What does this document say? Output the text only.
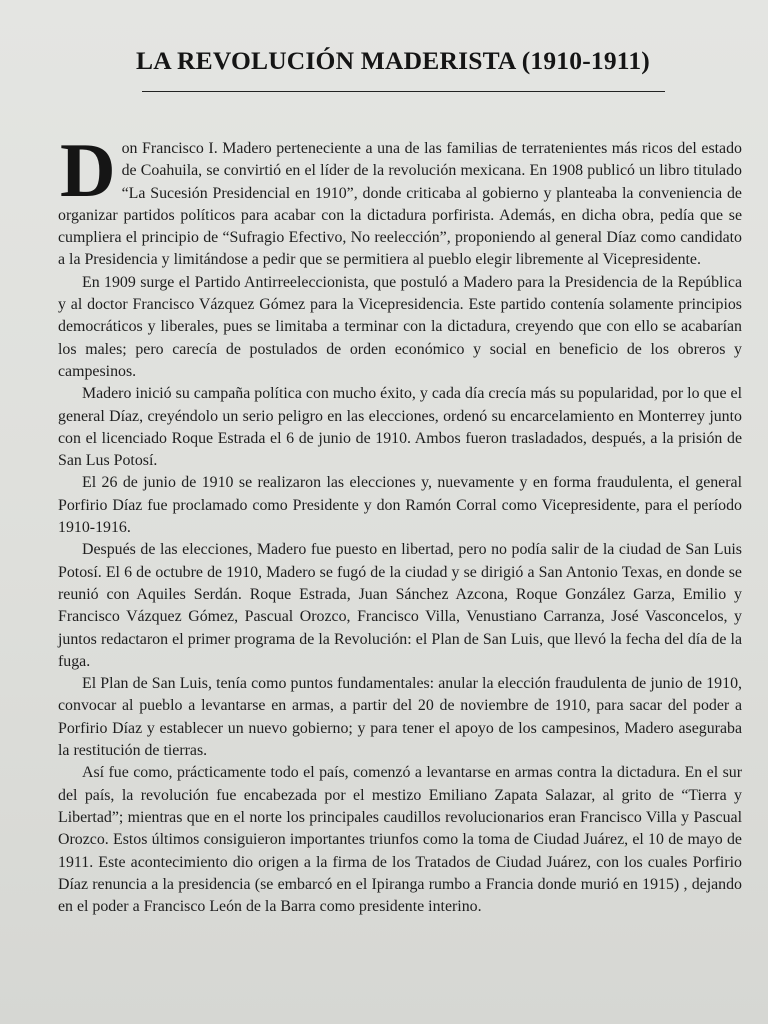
LA REVOLUCIÓN MADERISTA (1910-1911)

Don Francisco I. Madero perteneciente a una de las familias de terratenientes más ricos del estado de Coahuila, se convirtió en el líder de la revolución mexicana. En 1908 publicó un libro titulado “La Sucesión Presidencial en 1910”, donde criticaba al gobierno y planteaba la conveniencia de organizar partidos políticos para acabar con la dictadura porfirista. Además, en dicha obra, pedía que se cumpliera el principio de “Sufragio Efectivo, No reelección”, proponiendo al general Díaz como candidato a la Presidencia y limitándose a pedir que se permitiera al pueblo elegir libremente al Vicepresidente.

En 1909 surge el Partido Antirreeleccionista, que postuló a Madero para la Presidencia de la República y al doctor Francisco Vázquez Gómez para la Vicepresidencia. Este partido contenía solamente principios democráticos y liberales, pues se limitaba a terminar con la dictadura, creyendo que con ello se acabarían los males; pero carecía de postulados de orden económico y social en beneficio de los obreros y campesinos.

Madero inició su campaña política con mucho éxito, y cada día crecía más su popularidad, por lo que el general Díaz, creyéndolo un serio peligro en las elecciones, ordenó su encarcelamiento en Monterrey junto con el licenciado Roque Estrada el 6 de junio de 1910. Ambos fueron trasladados, después, a la prisión de San Lus Potosí.

El 26 de junio de 1910 se realizaron las elecciones y, nuevamente y en forma fraudulenta, el general Porfirio Díaz fue proclamado como Presidente y don Ramón Corral como Vicepresidente, para el período 1910-1916.

Después de las elecciones, Madero fue puesto en libertad, pero no podía salir de la ciudad de San Luis Potosí. El 6 de octubre de 1910, Madero se fugó de la ciudad y se dirigió a San Antonio Texas, en donde se reunió con Aquiles Serdán. Roque Estrada, Juan Sánchez Azcona, Roque González Garza, Emilio y Francisco Vázquez Gómez, Pascual Orozco, Francisco Villa, Venustiano Carranza, José Vasconcelos, y juntos redactaron el primer programa de la Revolución: el Plan de San Luis, que llevó la fecha del día de la fuga.

El Plan de San Luis, tenía como puntos fundamentales: anular la elección fraudulenta de junio de 1910, convocar al pueblo a levantarse en armas, a partir del 20 de noviembre de 1910, para sacar del poder a Porfirio Díaz y establecer un nuevo gobierno; y para tener el apoyo de los campesinos, Madero aseguraba la restitución de tierras.

Así fue como, prácticamente todo el país, comenzó a levantarse en armas contra la dictadura. En el sur del país, la revolución fue encabezada por el mestizo Emiliano Zapata Salazar, al grito de “Tierra y Libertad”; mientras que en el norte los principales caudillos revolucionarios eran Francisco Villa y Pascual Orozco. Estos últimos consiguieron importantes triunfos como la toma de Ciudad Juárez, el 10 de mayo de 1911. Este acontecimiento dio origen a la firma de los Tratados de Ciudad Juárez, con los cuales Porfirio Díaz renuncia a la presidencia (se embarcó en el Ipiranga rumbo a Francia donde murió en 1915) , dejando en el poder a Francisco León de la Barra como presidente interino.
